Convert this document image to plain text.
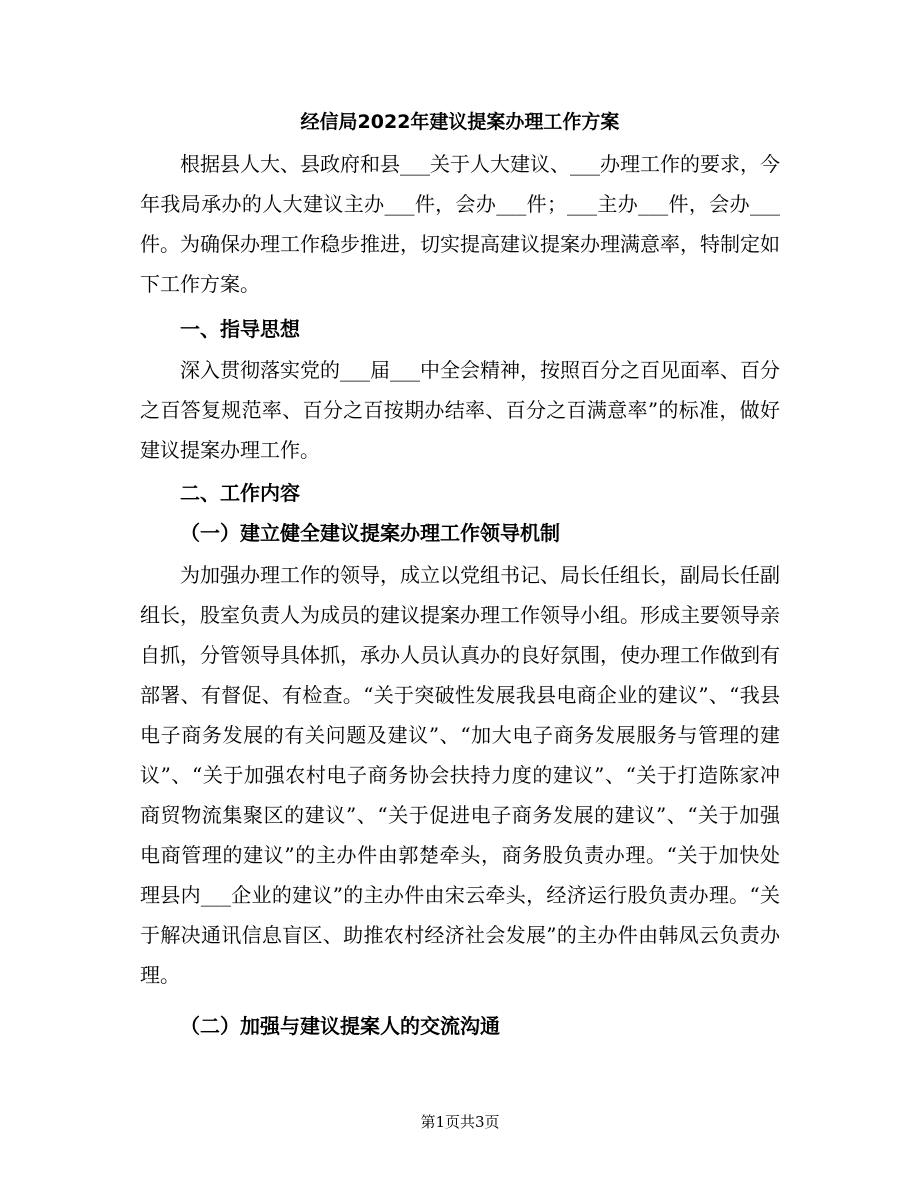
经信局2022年建议提案办理工作方案

根据县人大、县政府和县___关于人大建议、___办理工作的要求，今年我局承办的人大建议主办___件，会办___件；___主办___件，会办___件。为确保办理工作稳步推进，切实提高建议提案办理满意率，特制定如下工作方案。

一、指导思想

深入贯彻落实党的___届___中全会精神，按照百分之百见面率、百分之百答复规范率、百分之百按期办结率、百分之百满意率”的标准，做好建议提案办理工作。

二、工作内容
（一）建立健全建议提案办理工作领导机制

为加强办理工作的领导，成立以党组书记、局长任组长，副局长任副组长，股室负责人为成员的建议提案办理工作领导小组。形成主要领导亲自抓，分管领导具体抓，承办人员认真办的良好氛围，使办理工作做到有部署、有督促、有检查。“关于突破性发展我县电商企业的建议”、“我县电子商务发展的有关问题及建议”、“加大电子商务发展服务与管理的建议”、“关于加强农村电子商务协会扶持力度的建议”、“关于打造陈家冲商贸物流集聚区的建议”、“关于促进电子商务发展的建议”、“关于加强电商管理的建议”的主办件由郭楚牵头，商务股负责办理。“关于加快处理县内___企业的建议”的主办件由宋云牵头，经济运行股负责办理。“关于解决通讯信息盲区、助推农村经济社会发展”的主办件由韩凤云负责办理。

（二）加强与建议提案人的交流沟通
第1页共3页
